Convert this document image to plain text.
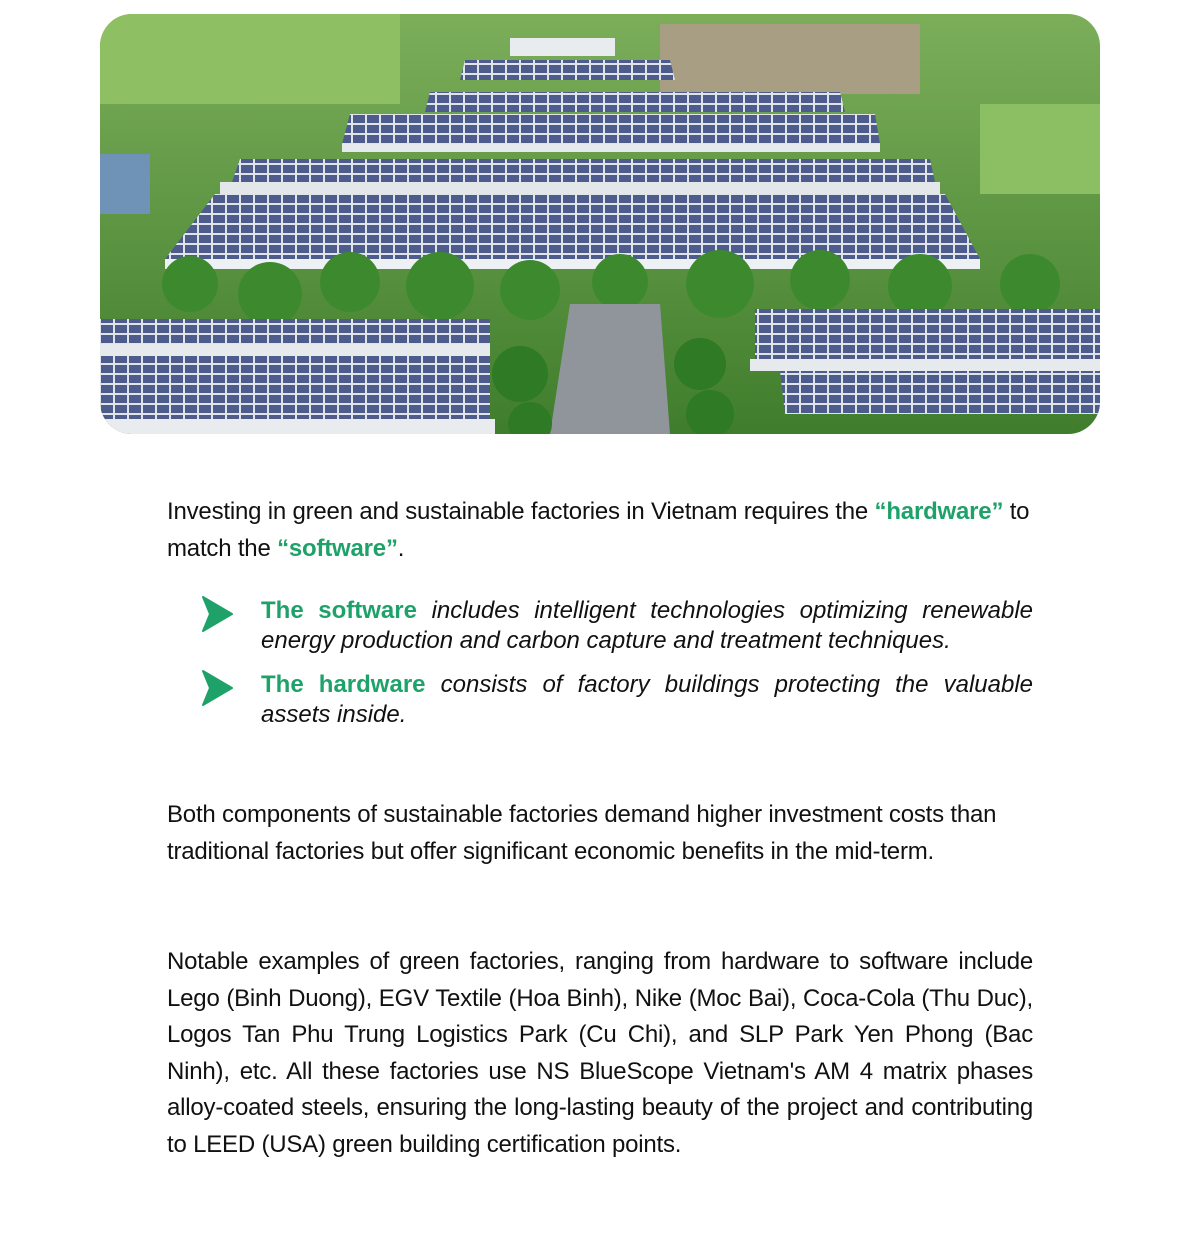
Investing in green and sustainable factories in Vietnam requires the “hardware” to match the “software”.
The software includes intelligent technologies optimizing renewable energy production and carbon capture and treatment techniques.
The hardware consists of factory buildings protecting the valuable assets inside.
Both components of sustainable factories demand higher investment costs than traditional factories but offer significant economic benefits in the mid-term.
Notable examples of green factories, ranging from hardware to software include Lego (Binh Duong), EGV Textile (Hoa Binh), Nike (Moc Bai), Coca-Cola (Thu Duc), Logos Tan Phu Trung Logistics Park (Cu Chi), and SLP Park Yen Phong (Bac Ninh), etc. All these factories use NS BlueScope Vietnam's AM 4 matrix phases alloy-coated steels, ensuring the long-lasting beauty of the project and contributing to LEED (USA) green building certification points.
